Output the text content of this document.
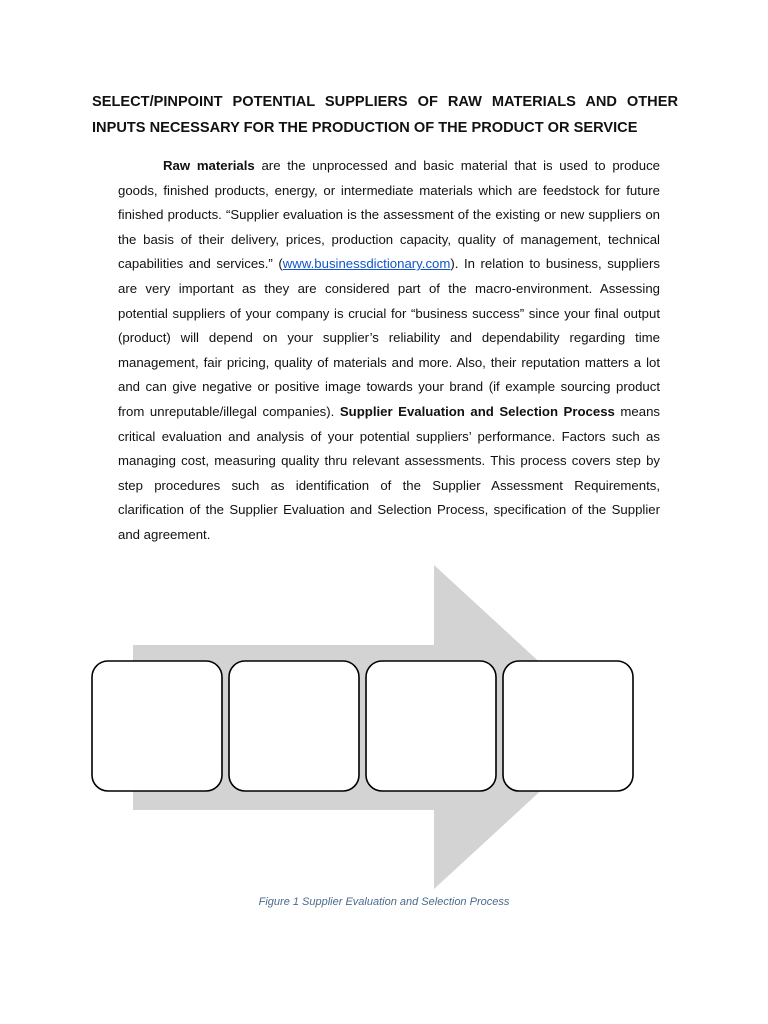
SELECT/PINPOINT POTENTIAL SUPPLIERS OF RAW MATERIALS AND OTHER INPUTS NECESSARY FOR THE PRODUCTION OF THE PRODUCT OR SERVICE

Raw materials are the unprocessed and basic material that is used to produce goods, finished products, energy, or intermediate materials which are feedstock for future finished products. “Supplier evaluation is the assessment of the existing or new suppliers on the basis of their delivery, prices, production capacity, quality of management, technical capabilities and services.” (www.businessdictionary.com). In relation to business, suppliers are very important as they are considered part of the macro-environment. Assessing potential suppliers of your company is crucial for “business success” since your final output (product) will depend on your supplier’s reliability and dependability regarding time management, fair pricing, quality of materials and more. Also, their reputation matters a lot and can give negative or positive image towards your brand (if example sourcing product from unreputable/illegal companies). Supplier Evaluation and Selection Process means critical evaluation and analysis of your potential suppliers’ performance. Factors such as managing cost, measuring quality thru relevant assessments. This process covers step by step procedures such as identification of the Supplier Assessment Requirements, clarification of the Supplier Evaluation and Selection Process, specification of the Supplier and agreement.

Figure 1 Supplier Evaluation and Selection Process
